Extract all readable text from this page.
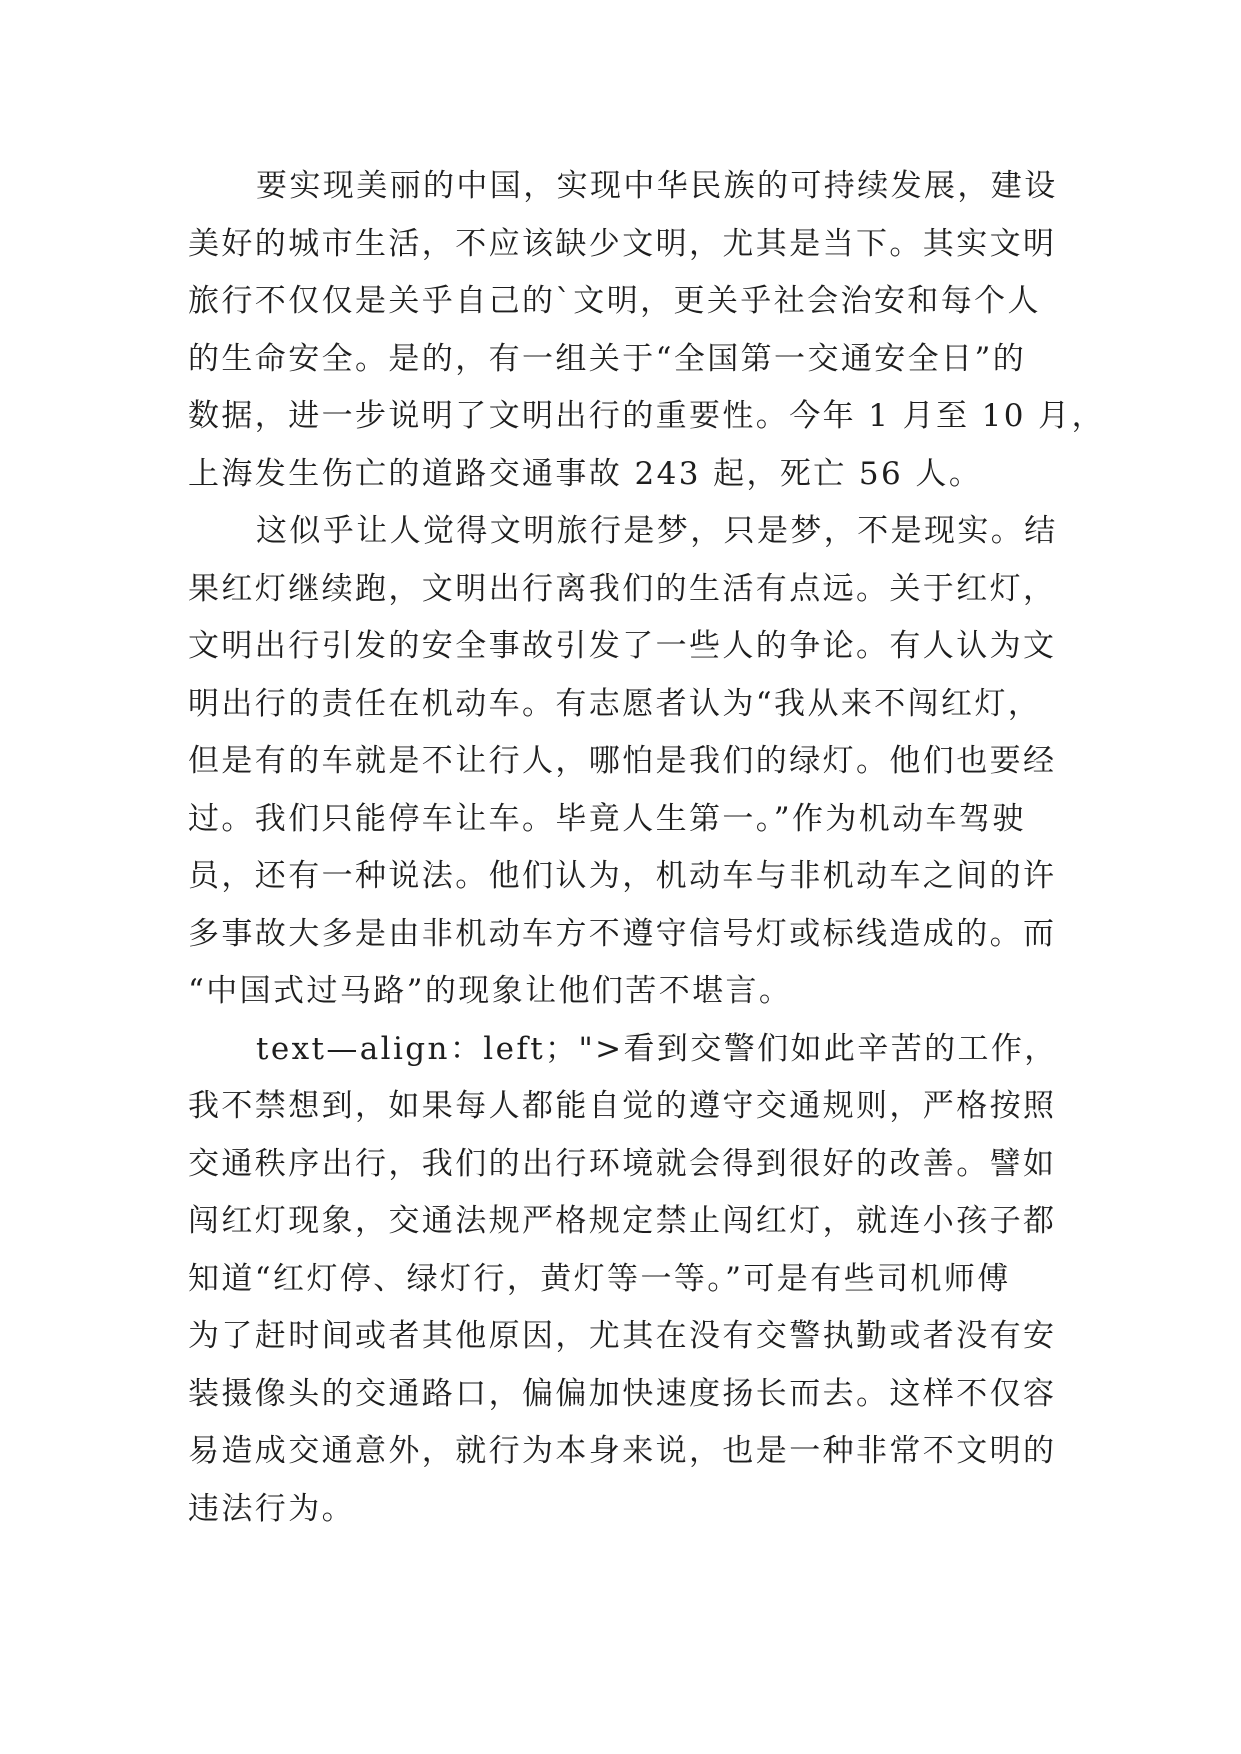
要实现美丽的中国，实现中华民族的可持续发展，建设
美好的城市生活，不应该缺少文明，尤其是当下。其实文明
旅行不仅仅是关乎自己的`文明，更关乎社会治安和每个人
的生命安全。是的，有一组关于“全国第一交通安全日”的
数据，进一步说明了文明出行的重要性。今年 1 月至 10 月，
上海发生伤亡的道路交通事故 243 起，死亡 56 人。
这似乎让人觉得文明旅行是梦，只是梦，不是现实。结
果红灯继续跑，文明出行离我们的生活有点远。关于红灯，
文明出行引发的安全事故引发了一些人的争论。有人认为文
明出行的责任在机动车。有志愿者认为“我从来不闯红灯，
但是有的车就是不让行人，哪怕是我们的绿灯。他们也要经
过。我们只能停车让车。毕竟人生第一。”作为机动车驾驶
员，还有一种说法。他们认为，机动车与非机动车之间的许
多事故大多是由非机动车方不遵守信号灯或标线造成的。而
“中国式过马路”的现象让他们苦不堪言。
text—align：left；">看到交警们如此辛苦的工作，
我不禁想到，如果每人都能自觉的遵守交通规则，严格按照
交通秩序出行，我们的出行环境就会得到很好的改善。譬如
闯红灯现象，交通法规严格规定禁止闯红灯，就连小孩子都
知道“红灯停、绿灯行，黄灯等一等。”可是有些司机师傅
为了赶时间或者其他原因，尤其在没有交警执勤或者没有安
装摄像头的交通路口，偏偏加快速度扬长而去。这样不仅容
易造成交通意外，就行为本身来说，也是一种非常不文明的
违法行为。
